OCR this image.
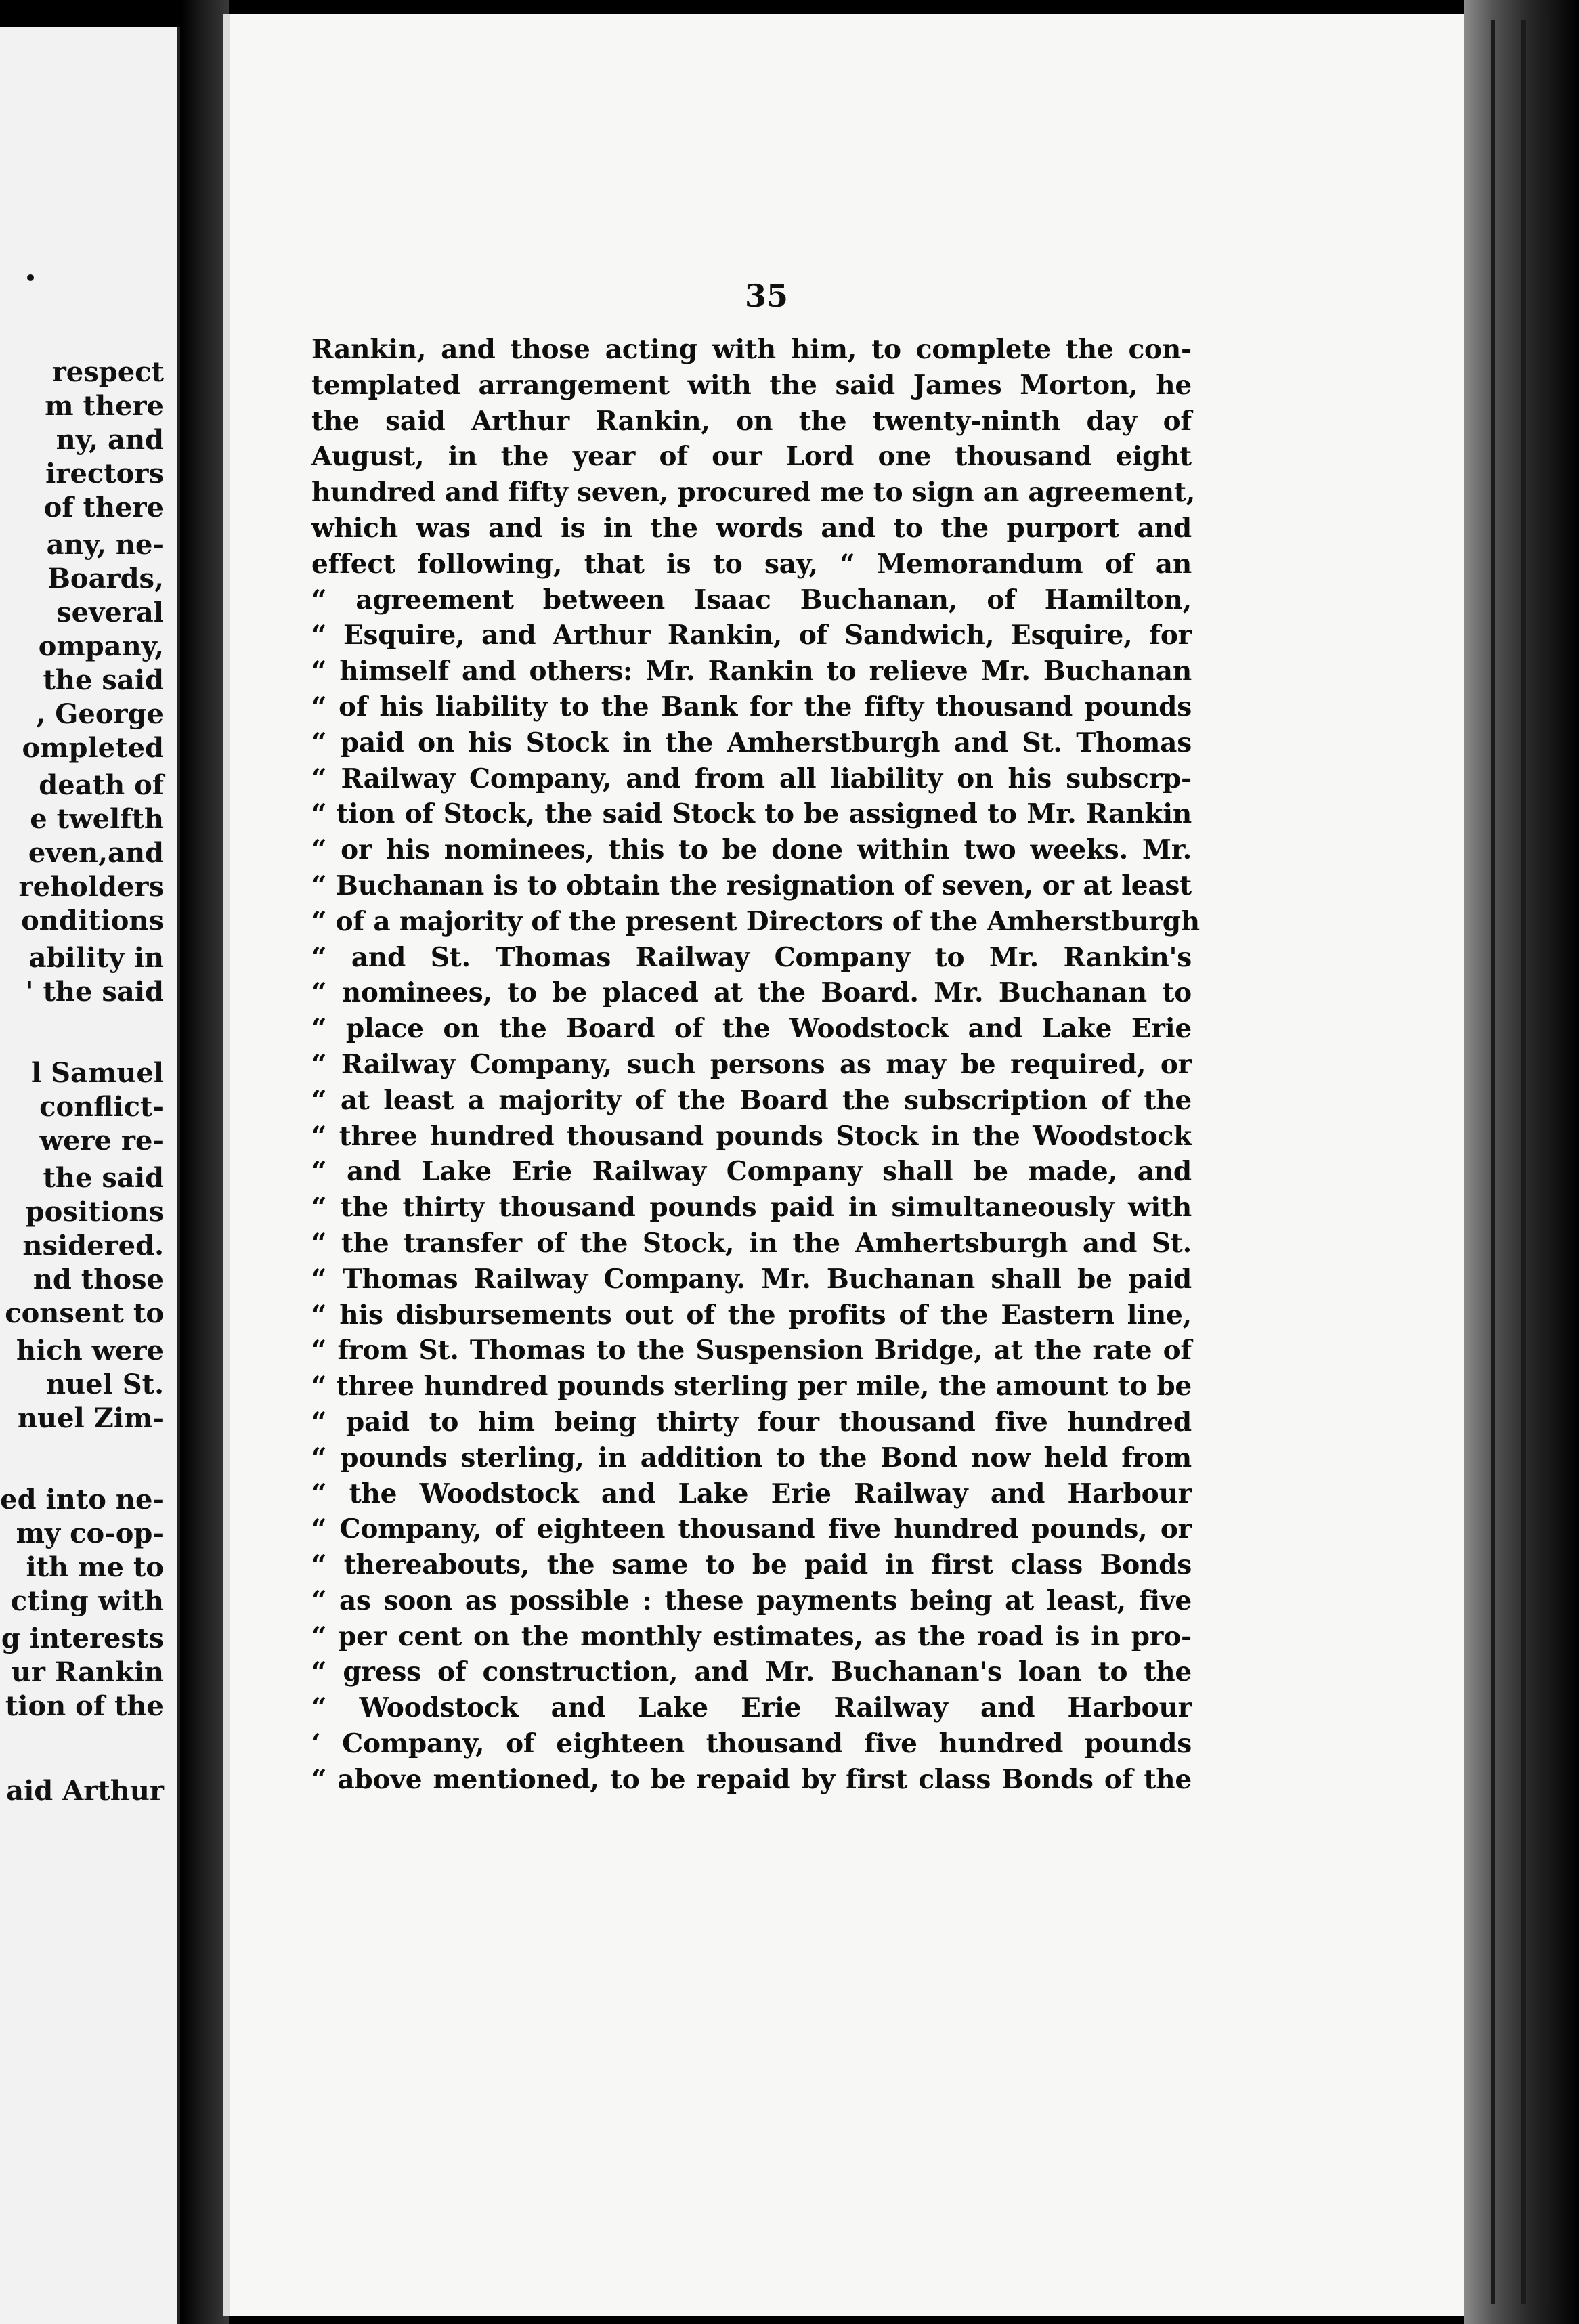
respect
m there
ny, and
irectors
of there
any, ne-
Boards,
several
ompany,
the said
, George
ompleted
death of
e twelfth
even,and
reholders
onditions
ability in
' the said
l Samuel
conflict-
were re-
the said
positions
nsidered.
nd those
consent to
hich were
nuel St.
nuel Zim-
ed into ne-
my co-op-
ith me to
cting with
g interests
ur Rankin
tion of the
aid Arthur
35
Rankin, and those acting with him, to complete the con-
templated arrangement with the said James Morton, he
the said Arthur Rankin, on the twenty-ninth day of
August, in the year of our Lord one thousand eight
hundred and fifty seven, procured me to sign an agreement,
which was and is in the words and to the purport and
effect following, that is to say, “ Memorandum of an
“ agreement between Isaac Buchanan, of Hamilton,
“ Esquire, and Arthur Rankin, of Sandwich, Esquire, for
“ himself and others: Mr. Rankin to relieve Mr. Buchanan
“ of his liability to the Bank for the fifty thousand pounds
“ paid on his Stock in the Amherstburgh and St. Thomas
“ Railway Company, and from all liability on his subscrp-
“ tion of Stock, the said Stock to be assigned to Mr. Rankin
“ or his nominees, this to be done within two weeks. Mr.
“ Buchanan is to obtain the resignation of seven, or at least
“ of a majority of the present Directors of the Amherstburgh
“ and St. Thomas Railway Company to Mr. Rankin's
“ nominees, to be placed at the Board. Mr. Buchanan to
“ place on the Board of the Woodstock and Lake Erie
“ Railway Company, such persons as may be required, or
“ at least a majority of the Board the subscription of the
“ three hundred thousand pounds Stock in the Woodstock
“ and Lake Erie Railway Company shall be made, and
“ the thirty thousand pounds paid in simultaneously with
“ the transfer of the Stock, in the Amhertsburgh and St.
“ Thomas Railway Company. Mr. Buchanan shall be paid
“ his disbursements out of the profits of the Eastern line,
“ from St. Thomas to the Suspension Bridge, at the rate of
“ three hundred pounds sterling per mile, the amount to be
“ paid to him being thirty four thousand five hundred
“ pounds sterling, in addition to the Bond now held from
“ the Woodstock and Lake Erie Railway and Harbour
“ Company, of eighteen thousand five hundred pounds, or
“ thereabouts, the same to be paid in first class Bonds
“ as soon as possible : these payments being at least, five
“ per cent on the monthly estimates, as the road is in pro-
“ gress of construction, and Mr. Buchanan's loan to the
“ Woodstock and Lake Erie Railway and Harbour
‘ Company, of eighteen thousand five hundred pounds
“ above mentioned, to be repaid by first class Bonds of the
